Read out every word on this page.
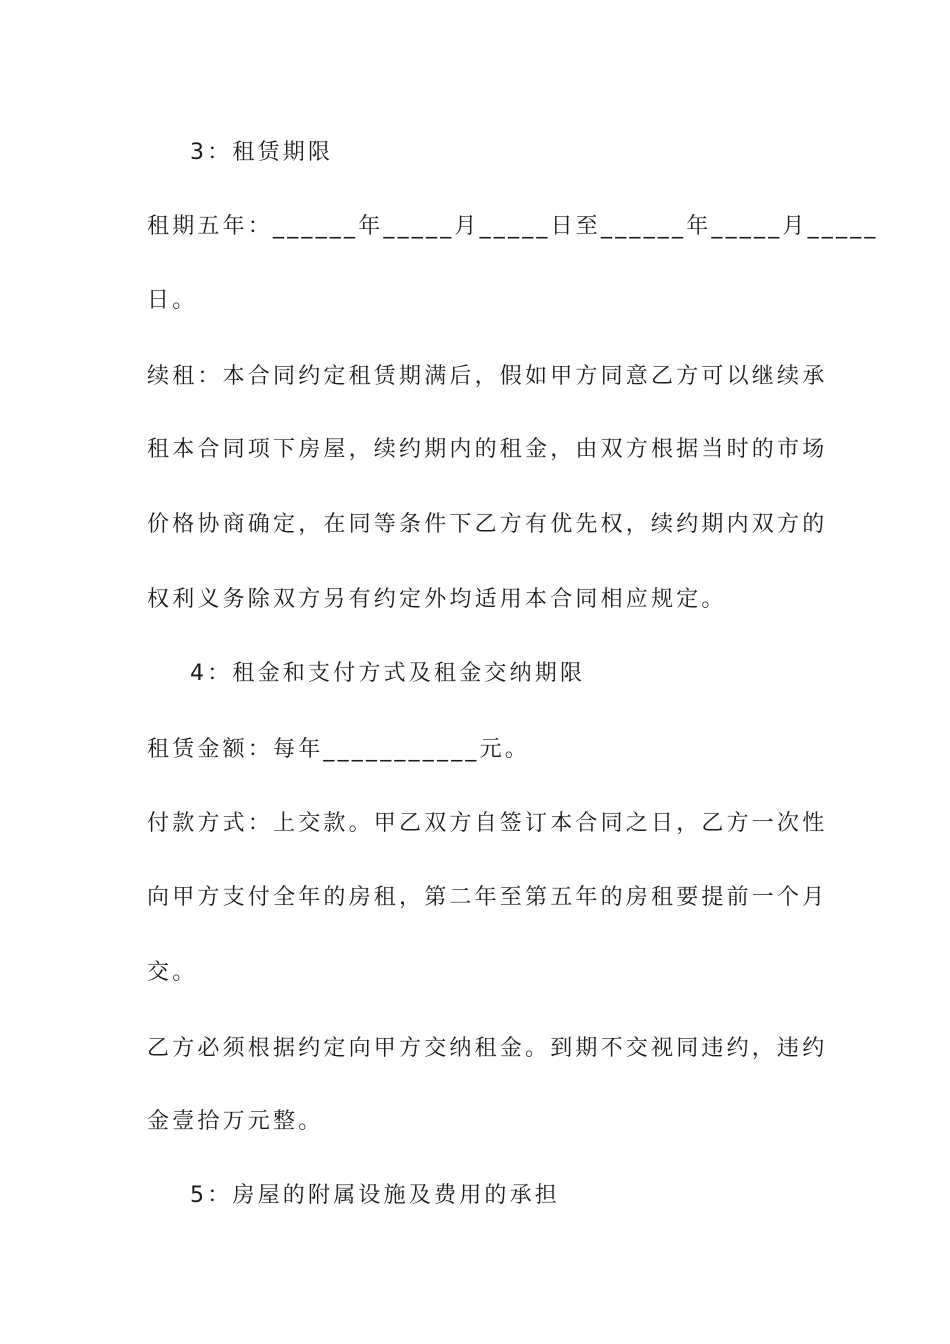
3：租赁期限
租期五年：______年_____月_____日至______年_____月_____
日。
续租：本合同约定租赁期满后，假如甲方同意乙方可以继续承
租本合同项下房屋，续约期内的租金，由双方根据当时的市场
价格协商确定，在同等条件下乙方有优先权，续约期内双方的
权利义务除双方另有约定外均适用本合同相应规定。
4：租金和支付方式及租金交纳期限
租赁金额：每年___________元。
付款方式：上交款。甲乙双方自签订本合同之日，乙方一次性
向甲方支付全年的房租，第二年至第五年的房租要提前一个月
交。
乙方必须根据约定向甲方交纳租金。到期不交视同违约，违约
金壹拾万元整。
5：房屋的附属设施及费用的承担
